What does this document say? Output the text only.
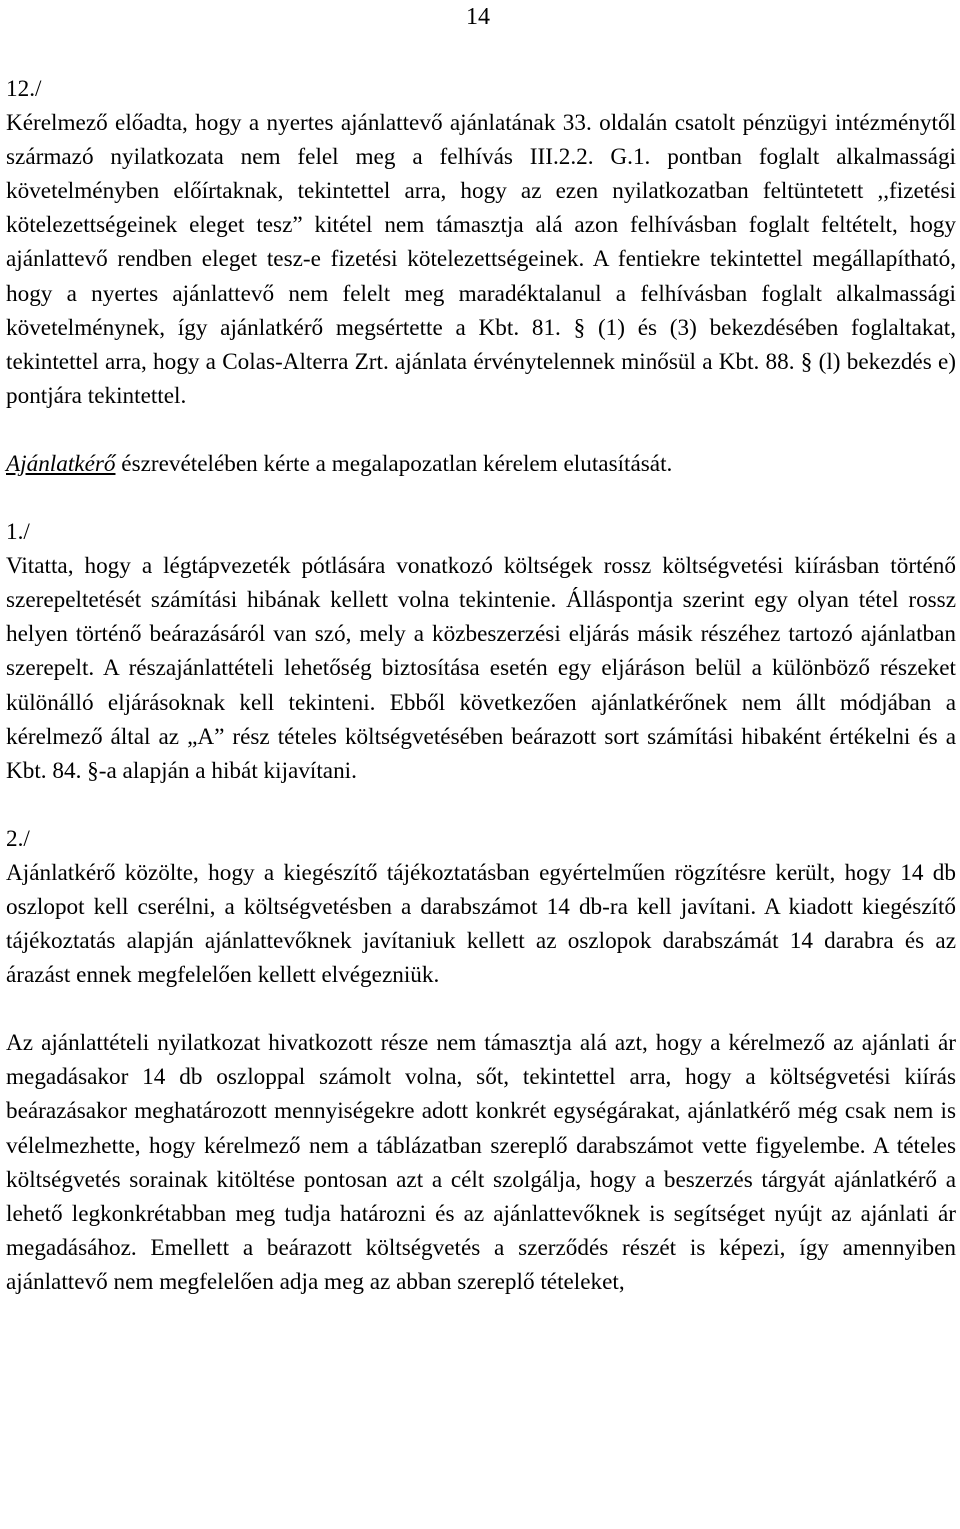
14

12./

Kérelmező előadta, hogy a nyertes ajánlattevő ajánlatának 33. oldalán csatolt pénzügyi intézménytől származó nyilatkozata nem felel meg a felhívás III.2.2. G.1. pontban foglalt alkalmassági követelményben előírtaknak, tekintettel arra, hogy az ezen nyilatkozatban feltüntetett ,,fizetési kötelezettségeinek eleget tesz” kitétel nem támasztja alá azon felhívásban foglalt feltételt, hogy ajánlattevő rendben eleget tesz-e fizetési kötelezettségeinek. A fentiekre tekintettel megállapítható, hogy a nyertes ajánlattevő nem felelt meg maradéktalanul a felhívásban foglalt alkalmassági követelménynek, így ajánlatkérő megsértette a Kbt. 81. § (1) és (3) bekezdésében foglaltakat, tekintettel arra, hogy a Colas-Alterra Zrt. ajánlata érvénytelennek minősül a Kbt. 88. § (l) bekezdés e) pontjára tekintettel.

Ajánlatkérő észrevételében kérte a megalapozatlan kérelem elutasítását.

1./

Vitatta, hogy a légtápvezeték pótlására vonatkozó költségek rossz költségvetési kiírásban történő szerepeltetését számítási hibának kellett volna tekintenie. Álláspontja szerint egy olyan tétel rossz helyen történő beárazásáról van szó, mely a közbeszerzési eljárás másik részéhez tartozó ajánlatban szerepelt. A részajánlattételi lehetőség biztosítása esetén egy eljáráson belül a különböző részeket különálló eljárásoknak kell tekinteni. Ebből következően ajánlatkérőnek nem állt módjában a kérelmező által az „A” rész tételes költségvetésében beárazott sort számítási hibaként értékelni és a Kbt. 84. §-a alapján a hibát kijavítani.

2./

Ajánlatkérő közölte, hogy a kiegészítő tájékoztatásban egyértelműen rögzítésre került, hogy 14 db oszlopot kell cserélni, a költségvetésben a darabszámot 14 db-ra kell javítani. A kiadott kiegészítő tájékoztatás alapján ajánlattevőknek javítaniuk kellett az oszlopok darabszámát 14 darabra és az árazást ennek megfelelően kellett elvégezniük.

Az ajánlattételi nyilatkozat hivatkozott része nem támasztja alá azt, hogy a kérelmező az ajánlati ár megadásakor 14 db oszloppal számolt volna, sőt, tekintettel arra, hogy a költségvetési kiírás beárazásakor meghatározott mennyiségekre adott konkrét egységárakat, ajánlatkérő még csak nem is vélelmezhette, hogy kérelmező nem a táblázatban szereplő darabszámot vette figyelembe. A tételes költségvetés sorainak kitöltése pontosan azt a célt szolgálja, hogy a beszerzés tárgyát ajánlatkérő a lehető legkonkrétabban meg tudja határozni és az ajánlattevőknek is segítséget nyújt az ajánlati ár megadásához. Emellett a beárazott költségvetés a szerződés részét is képezi, így amennyiben ajánlattevő nem megfelelően adja meg az abban szereplő tételeket,
